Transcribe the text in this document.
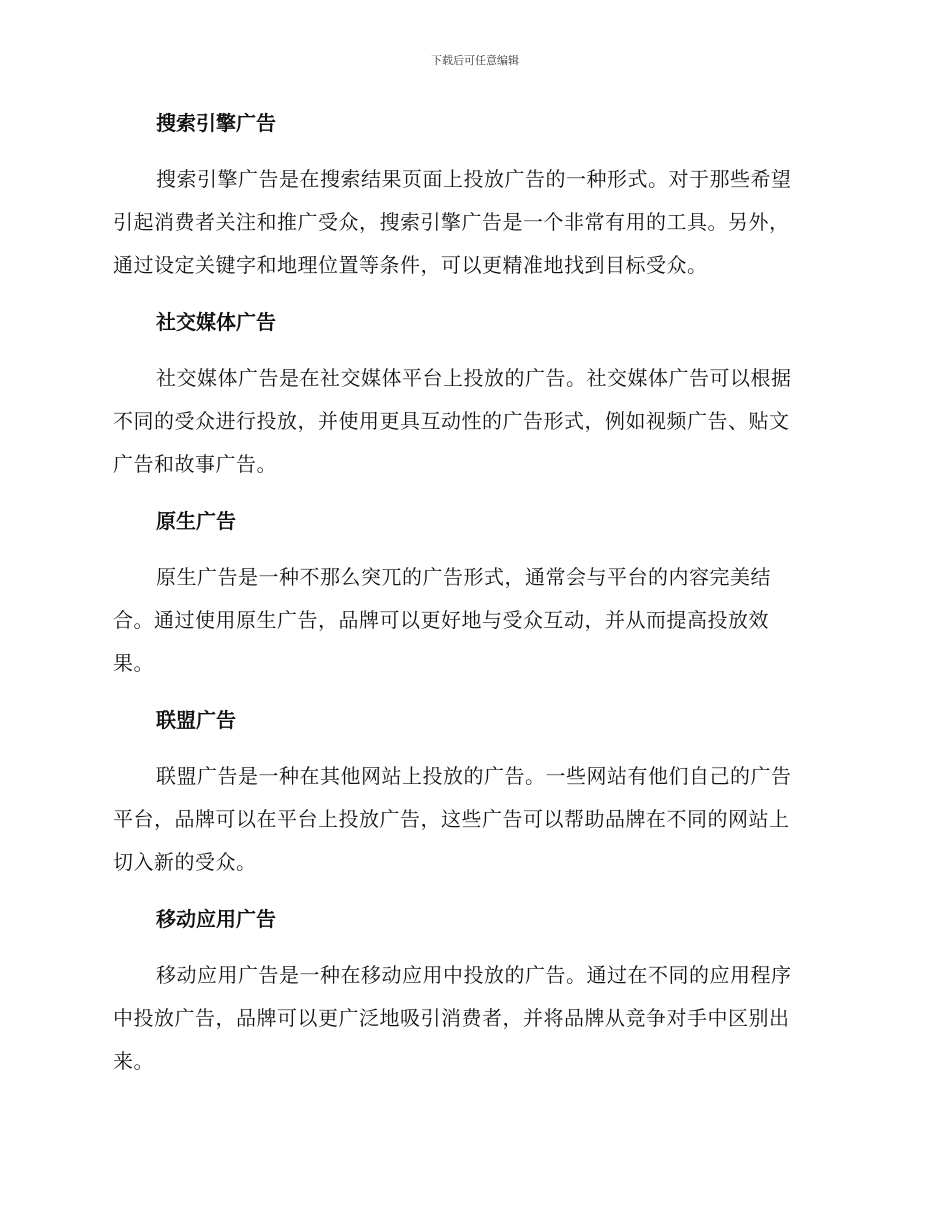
下载后可任意编辑
搜索引擎广告
搜索引擎广告是在搜索结果页面上投放广告的一种形式。对于那些希望
引起消费者关注和推广受众，搜索引擎广告是一个非常有用的工具。另外，
通过设定关键字和地理位置等条件，可以更精准地找到目标受众。
社交媒体广告
社交媒体广告是在社交媒体平台上投放的广告。社交媒体广告可以根据
不同的受众进行投放，并使用更具互动性的广告形式，例如视频广告、贴文
广告和故事广告。
原生广告
原生广告是一种不那么突兀的广告形式，通常会与平台的内容完美结
合。通过使用原生广告，品牌可以更好地与受众互动，并从而提高投放效
果。
联盟广告
联盟广告是一种在其他网站上投放的广告。一些网站有他们自己的广告
平台，品牌可以在平台上投放广告，这些广告可以帮助品牌在不同的网站上
切入新的受众。
移动应用广告
移动应用广告是一种在移动应用中投放的广告。通过在不同的应用程序
中投放广告，品牌可以更广泛地吸引消费者，并将品牌从竞争对手中区别出
来。
